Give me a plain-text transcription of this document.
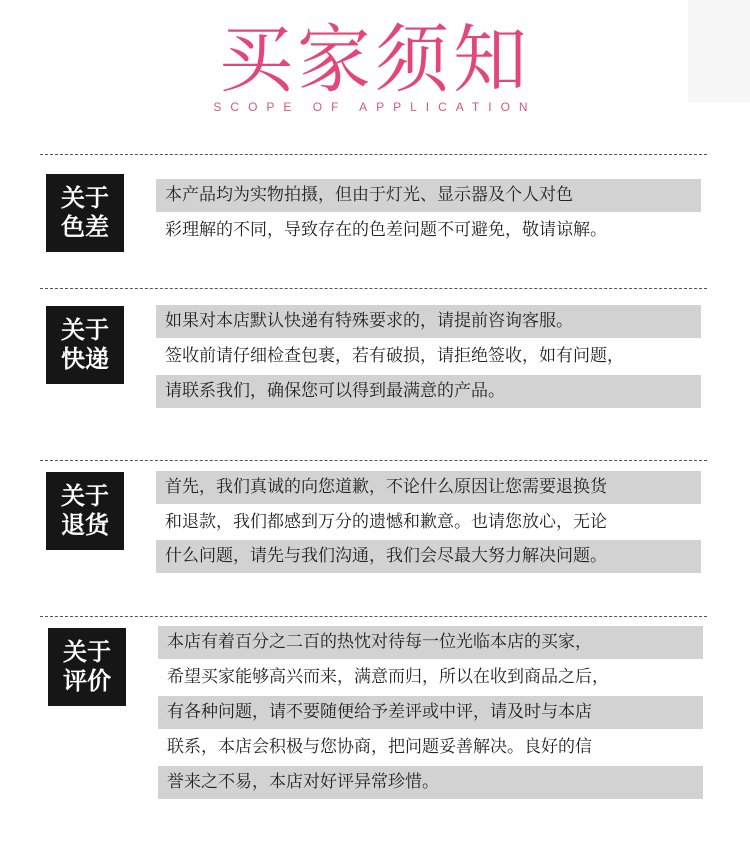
买家须知
SCOPE OF APPLICATION
关于
色差
本产品均为实物拍摄，但由于灯光、显示器及个人对色
彩理解的不同，导致存在的色差问题不可避免，敬请谅解。
关于
快递
如果对本店默认快递有特殊要求的，请提前咨询客服。
签收前请仔细检查包裹，若有破损，请拒绝签收，如有问题，
请联系我们，确保您可以得到最满意的产品。
关于
退货
首先，我们真诚的向您道歉，不论什么原因让您需要退换货
和退款，我们都感到万分的遗憾和歉意。也请您放心，无论
什么问题，请先与我们沟通，我们会尽最大努力解决问题。
关于
评价
本店有着百分之二百的热忱对待每一位光临本店的买家，
希望买家能够高兴而来，满意而归，所以在收到商品之后，
有各种问题，请不要随便给予差评或中评，请及时与本店
联系，本店会积极与您协商，把问题妥善解决。良好的信
誉来之不易，本店对好评异常珍惜。
